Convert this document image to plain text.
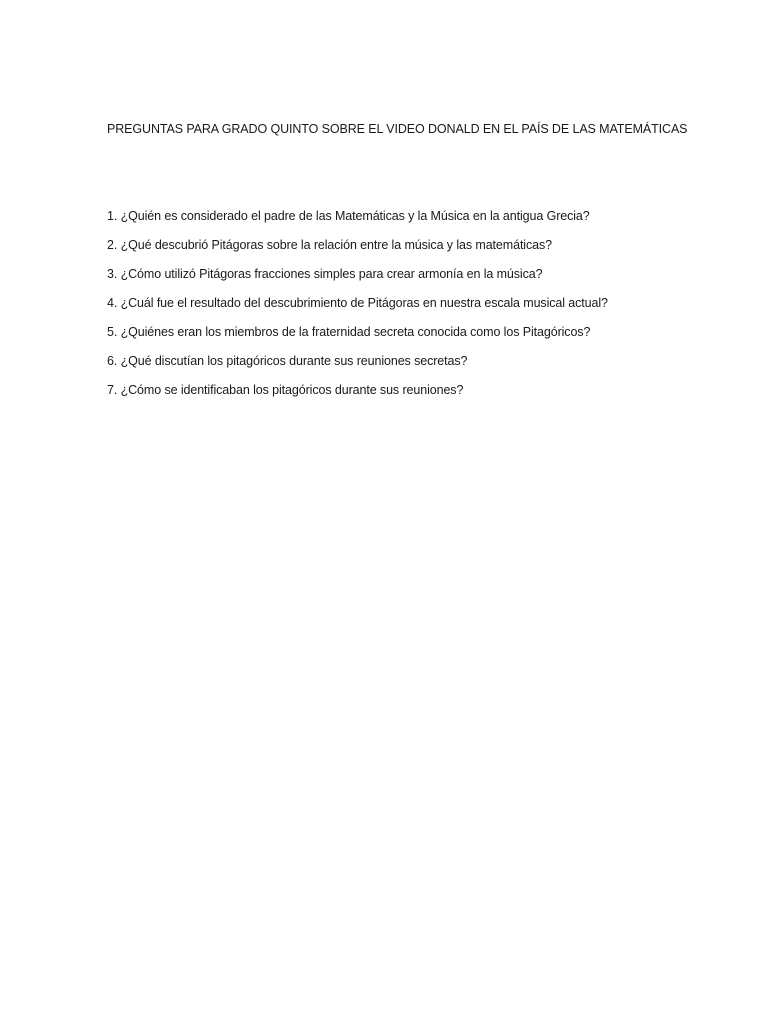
PREGUNTAS PARA GRADO QUINTO SOBRE EL VIDEO DONALD EN EL PAÍS DE LAS MATEMÁTICAS
1. ¿Quién es considerado el padre de las Matemáticas y la Música en la antigua Grecia?
2. ¿Qué descubrió Pitágoras sobre la relación entre la música y las matemáticas?
3. ¿Cómo utilizó Pitágoras fracciones simples para crear armonía en la música?
4. ¿Cuál fue el resultado del descubrimiento de Pitágoras en nuestra escala musical actual?
5. ¿Quiénes eran los miembros de la fraternidad secreta conocida como los Pitagóricos?
6. ¿Qué discutían los pitagóricos durante sus reuniones secretas?
7. ¿Cómo se identificaban los pitagóricos durante sus reuniones?
